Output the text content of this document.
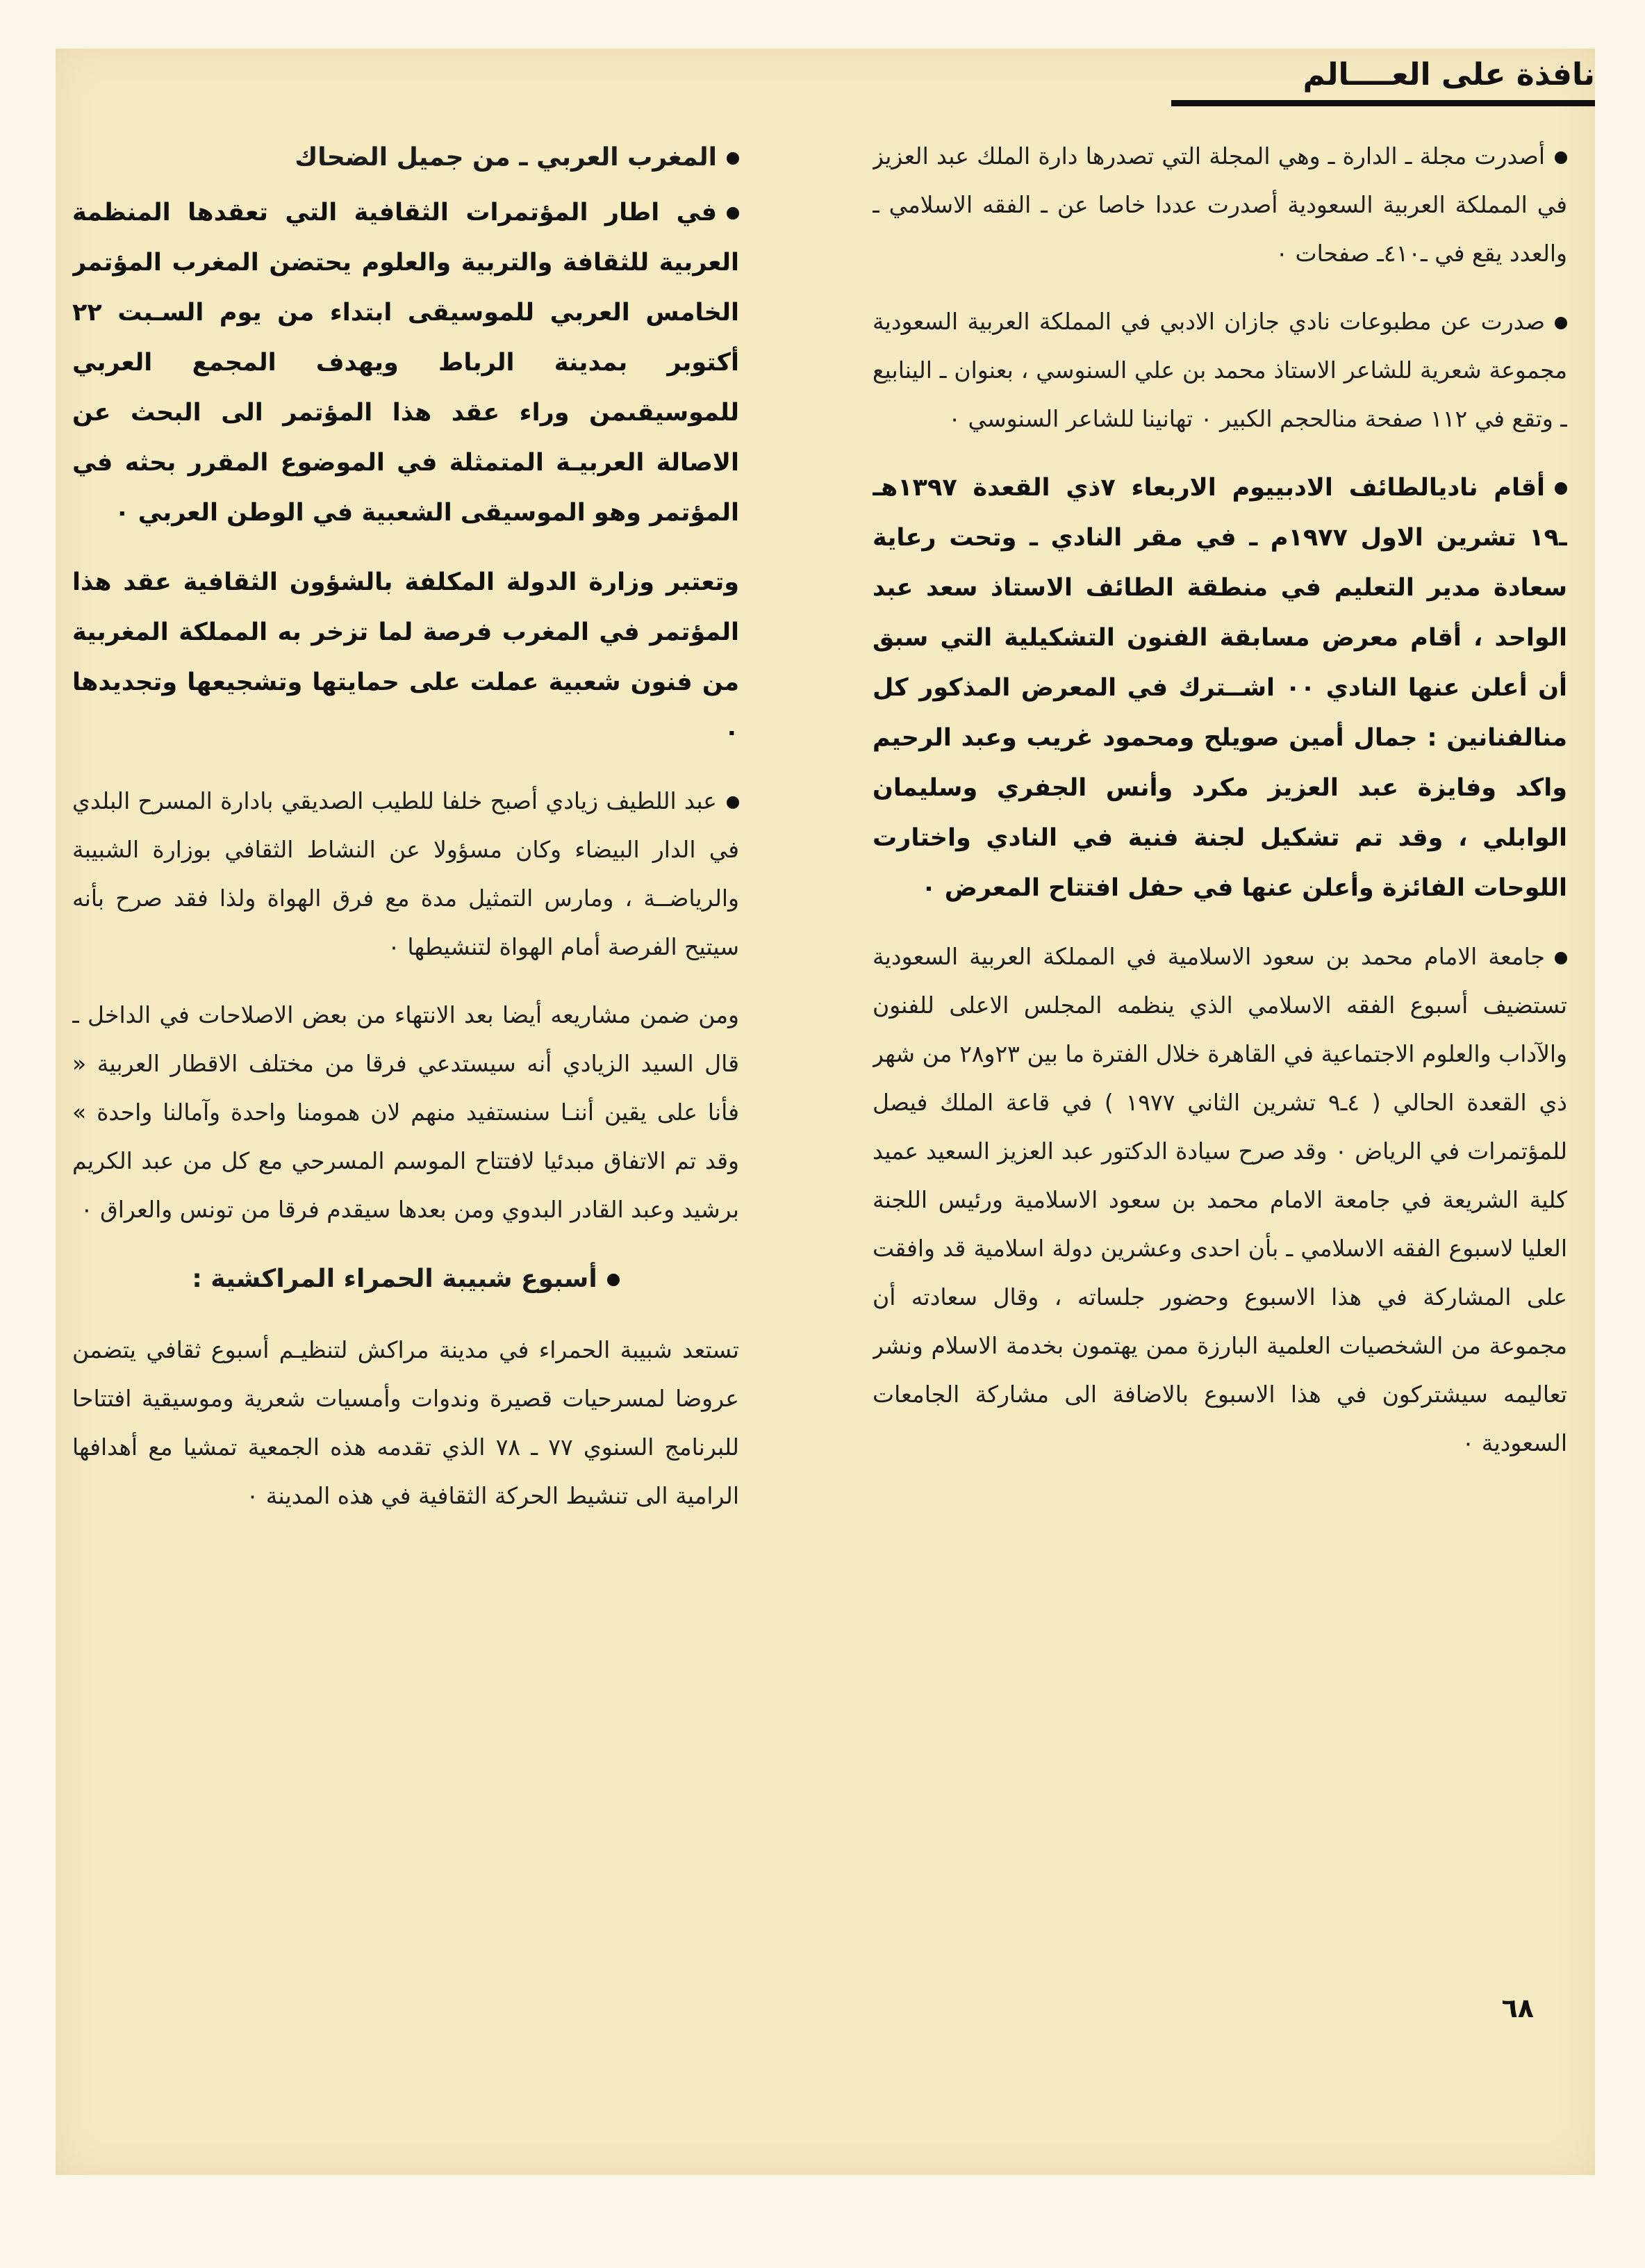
نافذة على العــــالم

أصدرت مجلة ـ الدارة ـ وهي المجلة التي تصدرها دارة الملك عبد العزيز في المملكة العربية السعودية أصدرت عددا خاصا عن ـ الفقه الاسلامي ـ والعدد يقع في ـ٤١٠ـ صفحات ٠

صدرت عن مطبوعات نادي جازان الادبي في المملكة العربية السعودية مجموعة شعرية للشاعر الاستاذ محمد بن علي السنوسي ، بعنوان ـ الينابيع ـ وتقع في ١١٢ صفحة منالحجم الكبير ٠ تهانينا للشاعر السنوسي ٠

أقام ناديالطائف الادبييوم الاربعاء ٧ذي القعدة ١٣٩٧هـ ـ١٩ تشرين الاول ١٩٧٧م ـ في مقر النادي ـ وتحت رعاية سعادة مدير التعليم في منطقة الطائف الاستاذ سعد عبد الواحد ، أقام معرض مسابقة الفنون التشكيلية التي سبق أن أعلن عنها النادي ٠٠ اشــترك في المعرض المذكور كل منالفنانين : جمال أمين صويلح ومحمود غريب وعبد الرحيم واكد وفايزة عبد العزيز مكرد وأنس الجفري وسليمان الوابلي ، وقد تم تشكيل لجنة فنية في النادي واختارت اللوحات الفائزة وأعلن عنها في حفل افتتاح المعرض ٠

جامعة الامام محمد بن سعود الاسلامية في المملكة العربية السعودية تستضيف أسبوع الفقه الاسلامي الذي ينظمه المجلس الاعلى للفنون والآداب والعلوم الاجتماعية في القاهرة خلال الفترة ما بين ٢٣و٢٨ من شهر ذي القعدة الحالي ( ٤ـ٩ تشرين الثاني ١٩٧٧ ) في قاعة الملك فيصل للمؤتمرات في الرياض ٠ وقد صرح سيادة الدكتور عبد العزيز السعيد عميد كلية الشريعة في جامعة الامام محمد بن سعود الاسلامية ورئيس اللجنة العليا لاسبوع الفقه الاسلامي ـ بأن احدى وعشرين دولة اسلامية قد وافقت على المشاركة في هذا الاسبوع وحضور جلساته ، وقال سعادته أن مجموعة من الشخصيات العلمية البارزة ممن يهتمون بخدمة الاسلام ونشر تعاليمه سيشتركون في هذا الاسبوع بالاضافة الى مشاركة الجامعات السعودية ٠

المغرب العربي ـ من جميل الضحاك

في اطار المؤتمرات الثقافية التي تعقدها المنظمة العربية للثقافة والتربية والعلوم يحتضن المغرب المؤتمر الخامس العربي للموسيقى ابتداء من يوم السـبت ٢٢ أكتوبر بمدينة الرباط ويهدف المجمع العربي للموسيقىمن وراء عقد هذا المؤتمر الى البحث عن الاصالة العربيـة المتمثلة في الموضوع المقرر بحثه في المؤتمر وهو الموسيقى الشعبية في الوطن العربي ٠

وتعتبر وزارة الدولة المكلفة بالشؤون الثقافية عقد هذا المؤتمر في المغرب فرصة لما تزخر به المملكة المغربية من فنون شعبية عملت على حمايتها وتشجيعها وتجديدها ٠

عبد اللطيف زيادي أصبح خلفا للطيب الصديقي بادارة المسرح البلدي في الدار البيضاء وكان مسؤولا عن النشاط الثقافي بوزارة الشبيبة والرياضــة ، ومارس التمثيل مدة مع فرق الهواة ولذا فقد صرح بأنه سيتيح الفرصة أمام الهواة لتنشيطها ٠

ومن ضمن مشاريعه أيضا بعد الانتهاء من بعض الاصلاحات في الداخل ـ قال السيد الزيادي أنه سيستدعي فرقا من مختلف الاقطار العربية « فأنا على يقين أننـا سنستفيد منهم لان همومنا واحدة وآمالنا واحدة » وقد تم الاتفاق مبدئيا لافتتاح الموسم المسرحي مع كل من عبد الكريم برشيد وعبد القادر البدوي ومن بعدها سيقدم فرقا من تونس والعراق ٠

أسبوع شبيبة الحمراء المراكشية :

تستعد شبيبة الحمراء في مدينة مراكش لتنظيـم أسبوع ثقافي يتضمن عروضا لمسرحيات قصيرة وندوات وأمسيات شعرية وموسيقية افتتاحا للبرنامج السنوي ٧٧ ـ ٧٨ الذي تقدمه هذه الجمعية تمشيا مع أهدافها الرامية الى تنشيط الحركة الثقافية في هذه المدينة ٠

٦٨
